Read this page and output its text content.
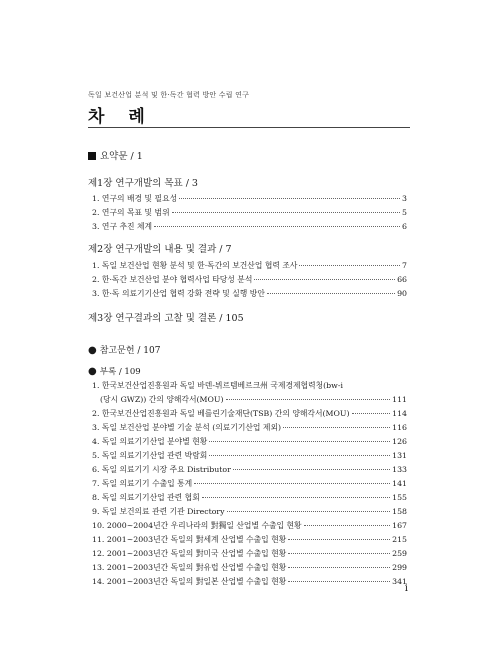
독일 보건산업 분석 및 한·독간 협력 방안 수립 연구
차 례
요약문 / 1
제1장 연구개발의 목표 / 3
1. 연구의 배경 및 필요성	3
2. 연구의 목표 및 범위	5
3. 연구 추진 체계	6
제2장 연구개발의 내용 및 결과 / 7
1. 독일 보건산업 현황 분석 및 한·독간의 보건산업 협력 조사	7
2. 한·독간 보건산업 분야 협력사업 타당성 분석	66
3. 한·독 의료기기산업 협력 강화 전략 및 실행 방안	90
제3장 연구결과의 고찰 및 결론 / 105
● 참고문헌 / 107
● 부록 / 109
1. 한국보건산업진흥원과 독일 바덴-뷔르템베르크州 국제경제협력청(bw-i
(당시 GWZ)) 간의 양해각서(MOU)	111
2. 한국보건산업진흥원과 독일 베를린기술재단(TSB) 간의 양해각서(MOU)	114
3. 독일 보건산업 분야별 기술 분석 (의료기기산업 제외)	116
4. 독일 의료기기산업 분야별 현황	126
5. 독일 의료기기산업 관련 박람회	131
6. 독일 의료기기 시장 주요 Distributor	133
7. 독일 의료기기 수출입 통계	141
8. 독일 의료기기산업 관련 협회	155
9. 독일 보건의료 관련 기관 Directory	158
10. 2000~2004년간 우리나라의 對獨일 산업별 수출입 현황	167
11. 2001~2003년간 독일의 對세계 산업별 수출입 현황	215
12. 2001~2003년간 독일의 對미국 산업별 수출입 현황	259
13. 2001~2003년간 독일의 對유럽 산업별 수출입 현황	299
14. 2001~2003년간 독일의 對일본 산업별 수출입 현황	341
i
